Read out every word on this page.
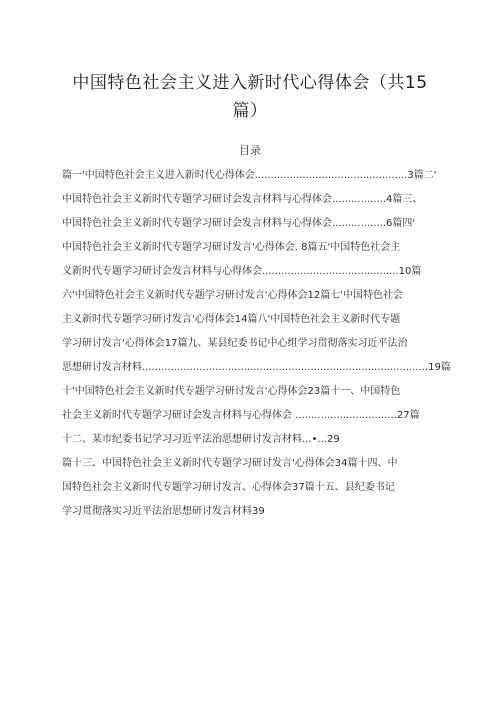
中国特色社会主义进入新时代心得体会（共15
篇）
目录
篇一'中国特色社会主义进入新时代心得体会................................................3篇二'
中国特色社会主义新时代专题学习研讨会发言材料与心得体会.................4篇三、
中国特色社会主义新时代专题学习研讨会发言材料与心得体会.................6篇四'
中国特色社会主义新时代专题学习研讨发言'心得体会. 8篇五'中国特色社会主
义新时代专题学习研讨会发言材料与心得体会...........................................10篇
六'中国特色社会主义新时代专题学习研讨发言'心得体会12篇七'中国特色社会
主义新时代专题学习研讨发言'心得体会14篇八'中国特色社会主义新时代专题
学习研讨发言'心得体会17篇九、某县纪委书记中心组学习贯彻落实习近平法治
思想研讨发言材料..........................................................................................19篇
十'中国特色社会主义新时代专题学习研讨发言'心得体会23篇十一、中国特色
社会主义新时代专题学习研讨会发言材料与心得体会 ................................27篇
十二、某市纪委书记学习习近平法治思想研讨发言材料...•...29
篇十三、中国特色社会主义新时代专题学习研讨发言'心得体会34篇十四、中
国特色社会主义新时代专题学习研讨发言、心得体会37篇十五、县纪委书记
学习贯彻落实习近平法治思想研讨发言材料39
